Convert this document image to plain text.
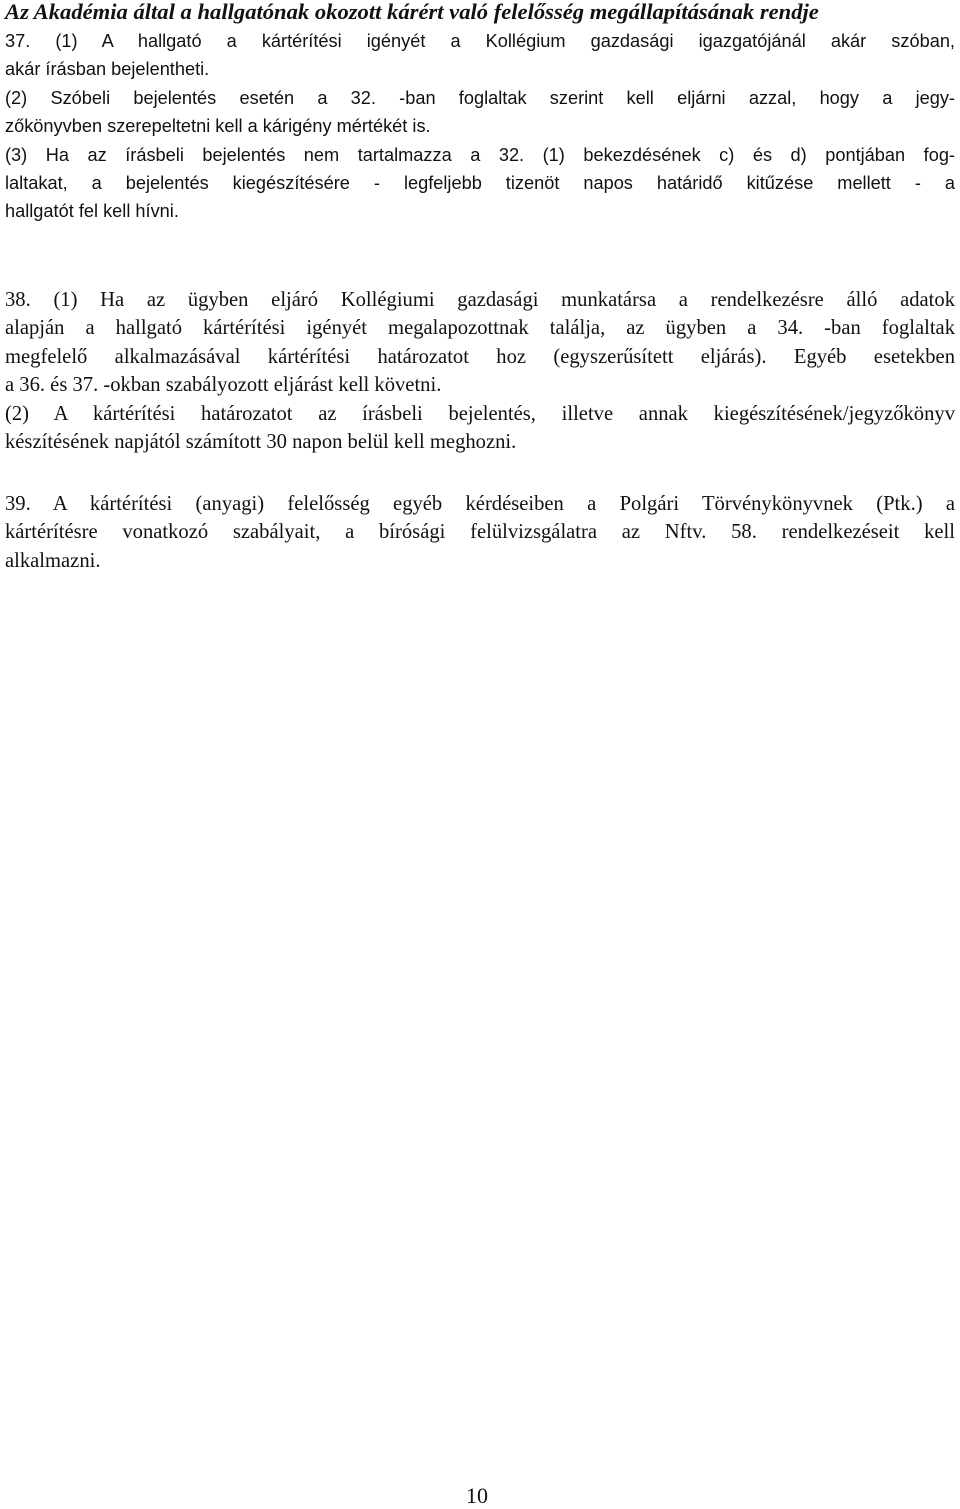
Az Akadémia által a hallgatónak okozott kárért való felelősség megállapításának rendje

37. (1) A hallgató a kártérítési igényét a Kollégium gazdasági igazgatójánál akár szóban,
akár írásban bejelentheti.
(2) Szóbeli bejelentés esetén a 32. -ban foglaltak szerint kell eljárni azzal, hogy a jegy-
zőkönyvben szerepeltetni kell a kárigény mértékét is.
(3) Ha az írásbeli bejelentés nem tartalmazza a 32. (1) bekezdésének c) és d) pontjában fog-
laltakat, a bejelentés kiegészítésére - legfeljebb tizenöt napos határidő kitűzése mellett - a
hallgatót fel kell hívni.
38. (1) Ha az ügyben eljáró Kollégiumi gazdasági munkatársa a rendelkezésre álló adatok
alapján a hallgató kártérítési igényét megalapozottnak találja, az ügyben a 34. -ban foglaltak
megfelelő alkalmazásával kártérítési határozatot hoz (egyszerűsített eljárás). Egyéb esetekben
a 36. és 37. -okban szabályozott eljárást kell követni.
(2) A kártérítési határozatot az írásbeli bejelentés, illetve annak kiegészítésének/jegyzőkönyv
készítésének napjától számított 30 napon belül kell meghozni.
39. A kártérítési (anyagi) felelősség egyéb kérdéseiben a Polgári Törvénykönyvnek (Ptk.) a
kártérítésre vonatkozó szabályait, a bírósági felülvizsgálatra az Nftv. 58. rendelkezéseit kell
alkalmazni.

10
